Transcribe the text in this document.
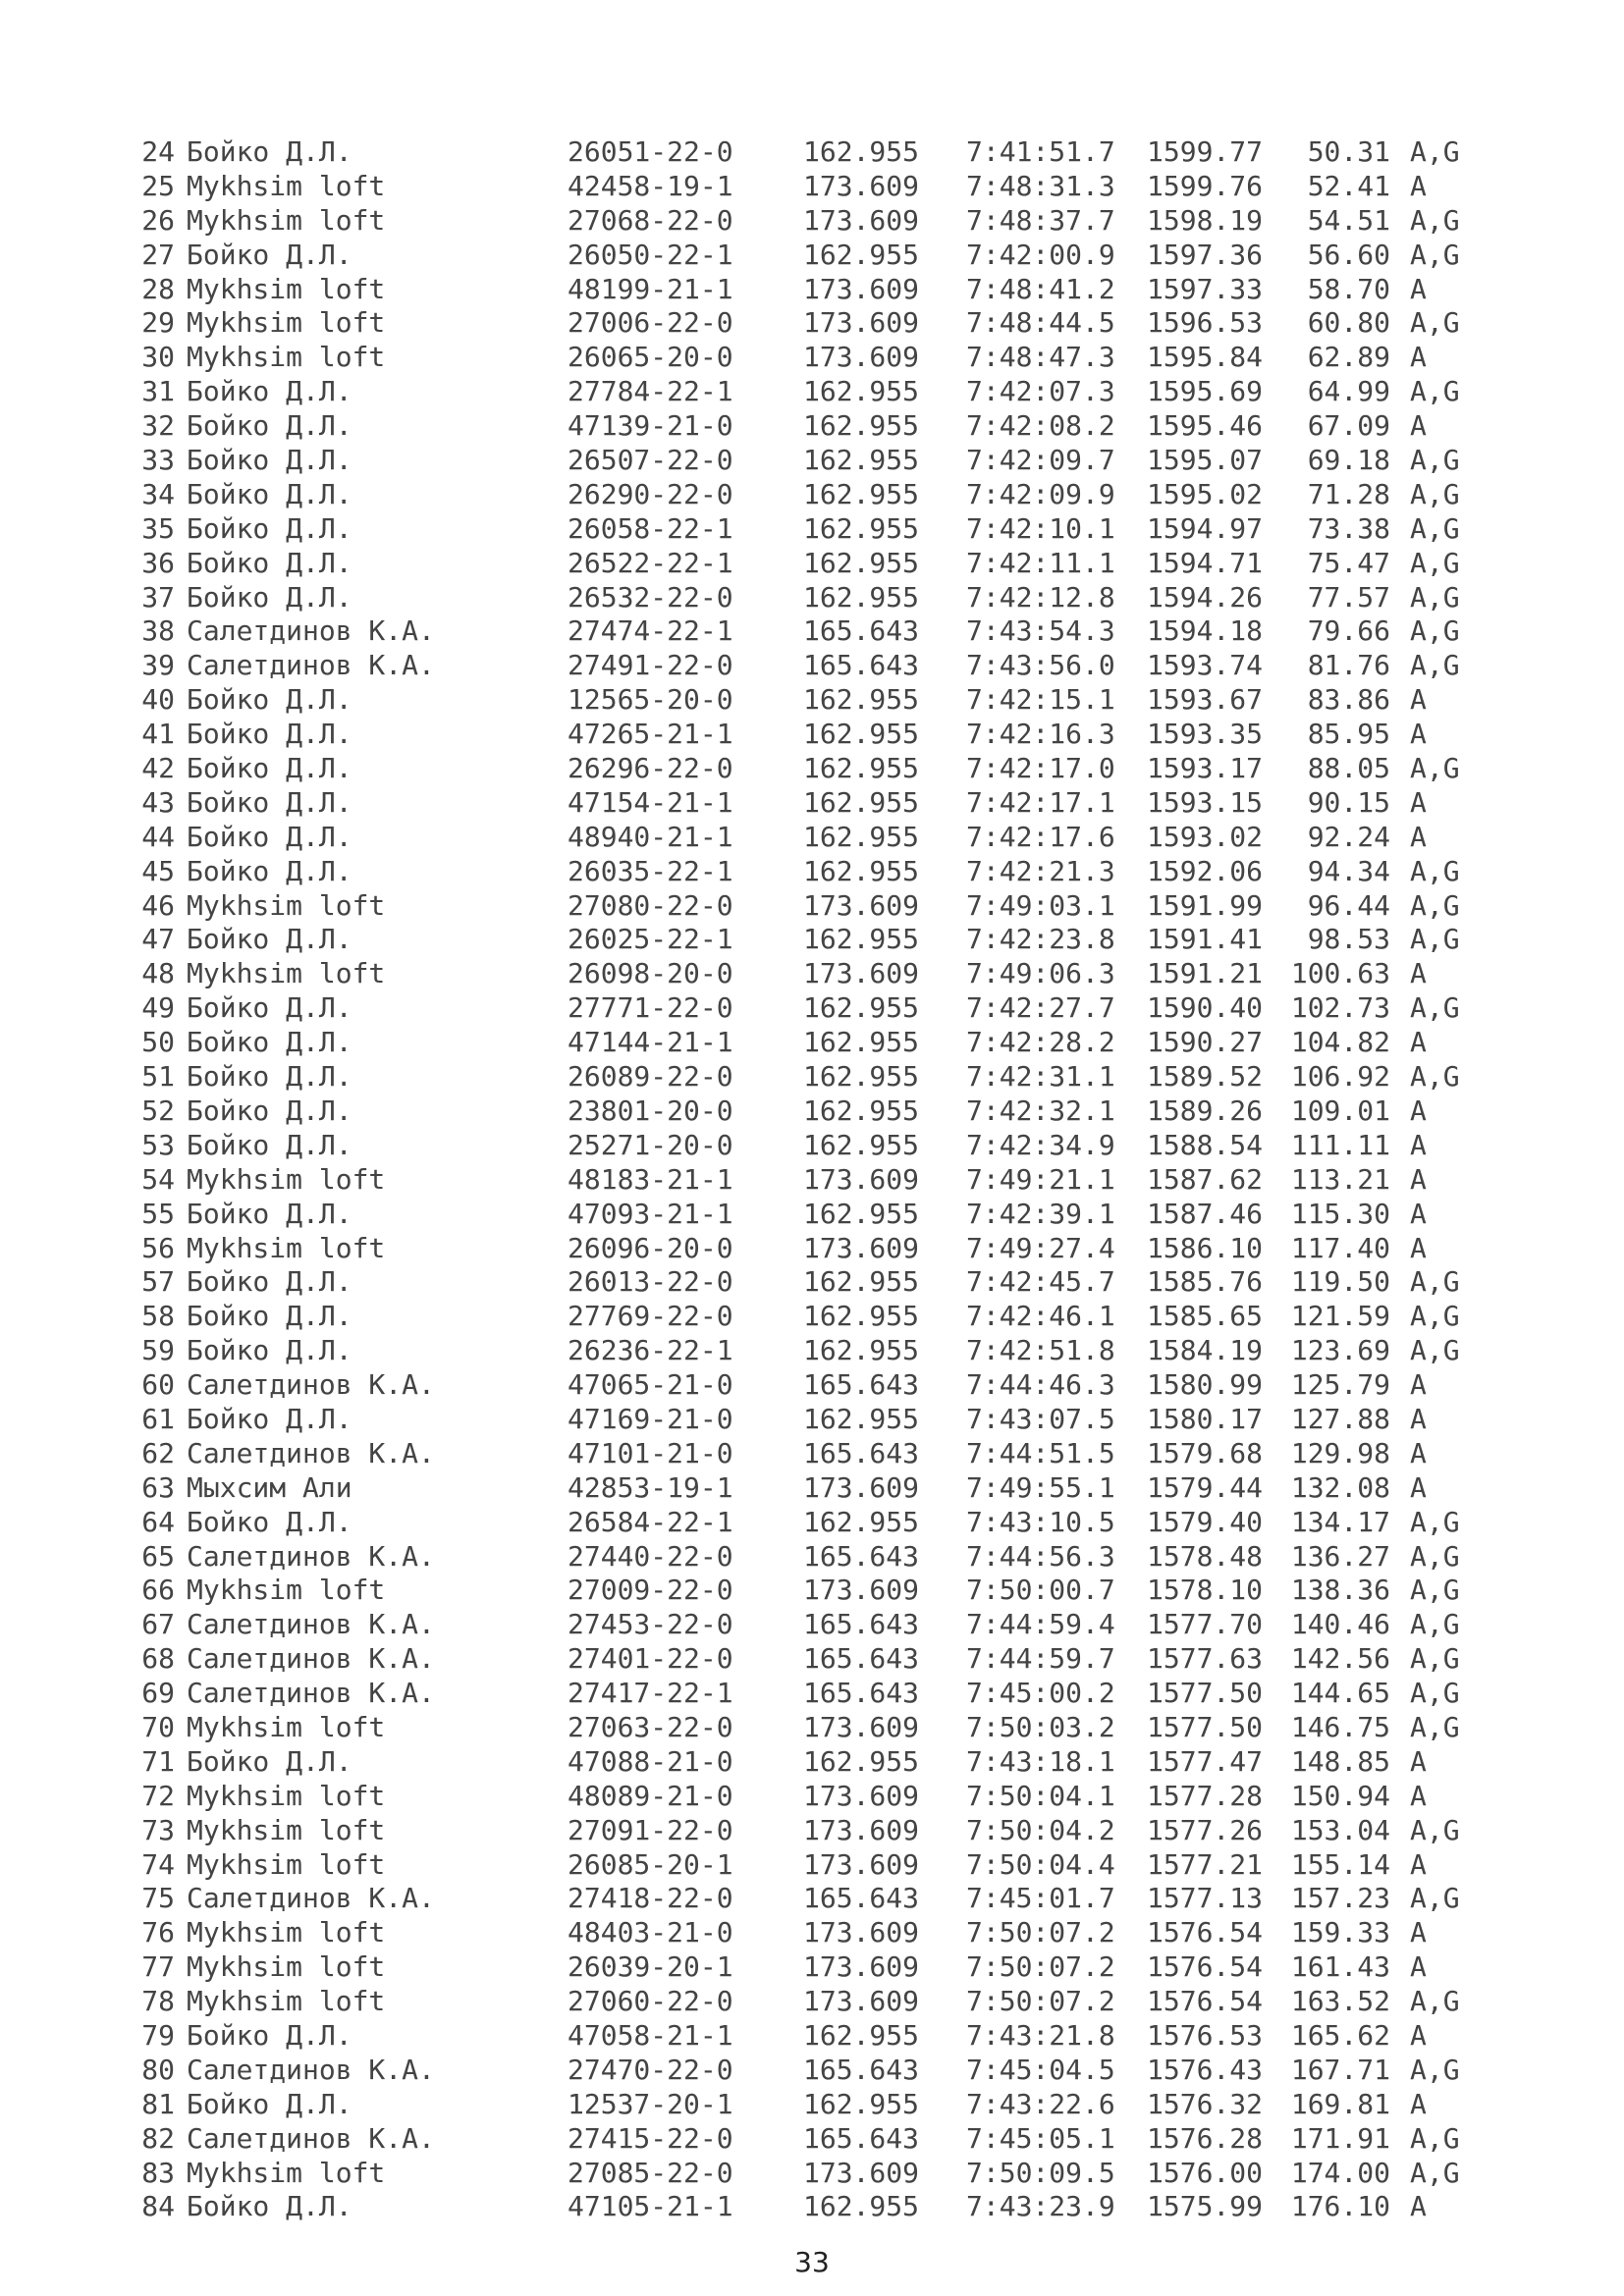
24 Бойко Д.Л.	26051-22-0	162.955 7:41:51.7 1599.77	50.31 A,G
25 Mykhsim loft	42458-19-1	173.609 7:48:31.3 1599.76	52.41 A
26 Mykhsim loft	27068-22-0	173.609 7:48:37.7 1598.19	54.51 A,G
27 Бойко Д.Л.	26050-22-1	162.955 7:42:00.9 1597.36	56.60 A,G
28 Mykhsim loft	48199-21-1	173.609 7:48:41.2 1597.33	58.70 A
29 Mykhsim loft	27006-22-0	173.609 7:48:44.5 1596.53	60.80 A,G
30 Mykhsim loft	26065-20-0	173.609 7:48:47.3 1595.84	62.89 A
31 Бойко Д.Л.	27784-22-1	162.955 7:42:07.3 1595.69	64.99 A,G
32 Бойко Д.Л.	47139-21-0	162.955 7:42:08.2 1595.46	67.09 A
33 Бойко Д.Л.	26507-22-0	162.955 7:42:09.7 1595.07	69.18 A,G
34 Бойко Д.Л.	26290-22-0	162.955 7:42:09.9 1595.02	71.28 A,G
35 Бойко Д.Л.	26058-22-1	162.955 7:42:10.1 1594.97	73.38 A,G
36 Бойко Д.Л.	26522-22-1	162.955 7:42:11.1 1594.71	75.47 A,G
37 Бойко Д.Л.	26532-22-0	162.955 7:42:12.8 1594.26	77.57 A,G
38 Салетдинов К.А.	27474-22-1	165.643 7:43:54.3 1594.18	79.66 A,G
39 Салетдинов К.А.	27491-22-0	165.643 7:43:56.0 1593.74	81.76 A,G
40 Бойко Д.Л.	12565-20-0	162.955 7:42:15.1 1593.67	83.86 A
41 Бойко Д.Л.	47265-21-1	162.955 7:42:16.3 1593.35	85.95 A
42 Бойко Д.Л.	26296-22-0	162.955 7:42:17.0 1593.17	88.05 A,G
43 Бойко Д.Л.	47154-21-1	162.955 7:42:17.1 1593.15	90.15 A
44 Бойко Д.Л.	48940-21-1	162.955 7:42:17.6 1593.02	92.24 A
45 Бойко Д.Л.	26035-22-1	162.955 7:42:21.3 1592.06	94.34 A,G
46 Mykhsim loft	27080-22-0	173.609 7:49:03.1 1591.99	96.44 A,G
47 Бойко Д.Л.	26025-22-1	162.955 7:42:23.8 1591.41	98.53 A,G
48 Mykhsim loft	26098-20-0	173.609 7:49:06.3 1591.21	100.63 A
49 Бойко Д.Л.	27771-22-0	162.955 7:42:27.7 1590.40	102.73 A,G
50 Бойко Д.Л.	47144-21-1	162.955 7:42:28.2 1590.27	104.82 A
51 Бойко Д.Л.	26089-22-0	162.955 7:42:31.1 1589.52	106.92 A,G
52 Бойко Д.Л.	23801-20-0	162.955 7:42:32.1 1589.26	109.01 A
53 Бойко Д.Л.	25271-20-0	162.955 7:42:34.9 1588.54	111.11 A
54 Mykhsim loft	48183-21-1	173.609 7:49:21.1 1587.62	113.21 A
55 Бойко Д.Л.	47093-21-1	162.955 7:42:39.1 1587.46	115.30 A
56 Mykhsim loft	26096-20-0	173.609 7:49:27.4 1586.10	117.40 A
57 Бойко Д.Л.	26013-22-0	162.955 7:42:45.7 1585.76	119.50 A,G
58 Бойко Д.Л.	27769-22-0	162.955 7:42:46.1 1585.65	121.59 A,G
59 Бойко Д.Л.	26236-22-1	162.955 7:42:51.8 1584.19	123.69 A,G
60 Салетдинов К.А.	47065-21-0	165.643 7:44:46.3 1580.99	125.79 A
61 Бойко Д.Л.	47169-21-0	162.955 7:43:07.5 1580.17	127.88 A
62 Салетдинов К.А.	47101-21-0	165.643 7:44:51.5 1579.68	129.98 A
63 Мыхсим Али	42853-19-1	173.609 7:49:55.1 1579.44	132.08 A
64 Бойко Д.Л.	26584-22-1	162.955 7:43:10.5 1579.40	134.17 A,G
65 Салетдинов К.А.	27440-22-0	165.643 7:44:56.3 1578.48	136.27 A,G
66 Mykhsim loft	27009-22-0	173.609 7:50:00.7 1578.10	138.36 A,G
67 Салетдинов К.А.	27453-22-0	165.643 7:44:59.4 1577.70	140.46 A,G
68 Салетдинов К.А.	27401-22-0	165.643 7:44:59.7 1577.63	142.56 A,G
69 Салетдинов К.А.	27417-22-1	165.643 7:45:00.2 1577.50	144.65 A,G
70 Mykhsim loft	27063-22-0	173.609 7:50:03.2 1577.50	146.75 A,G
71 Бойко Д.Л.	47088-21-0	162.955 7:43:18.1 1577.47	148.85 A
72 Mykhsim loft	48089-21-0	173.609 7:50:04.1 1577.28	150.94 A
73 Mykhsim loft	27091-22-0	173.609 7:50:04.2 1577.26	153.04 A,G
74 Mykhsim loft	26085-20-1	173.609 7:50:04.4 1577.21	155.14 A
75 Салетдинов К.А.	27418-22-0	165.643 7:45:01.7 1577.13	157.23 A,G
76 Mykhsim loft	48403-21-0	173.609 7:50:07.2 1576.54	159.33 A
77 Mykhsim loft	26039-20-1	173.609 7:50:07.2 1576.54	161.43 A
78 Mykhsim loft	27060-22-0	173.609 7:50:07.2 1576.54	163.52 A,G
79 Бойко Д.Л.	47058-21-1	162.955 7:43:21.8 1576.53	165.62 A
80 Салетдинов К.А.	27470-22-0	165.643 7:45:04.5 1576.43	167.71 A,G
81 Бойко Д.Л.	12537-20-1	162.955 7:43:22.6 1576.32	169.81 A
82 Салетдинов К.А.	27415-22-0	165.643 7:45:05.1 1576.28	171.91 A,G
83 Mykhsim loft	27085-22-0	173.609 7:50:09.5 1576.00	174.00 A,G
84 Бойко Д.Л.	47105-21-1	162.955 7:43:23.9 1575.99	176.10 A
33
